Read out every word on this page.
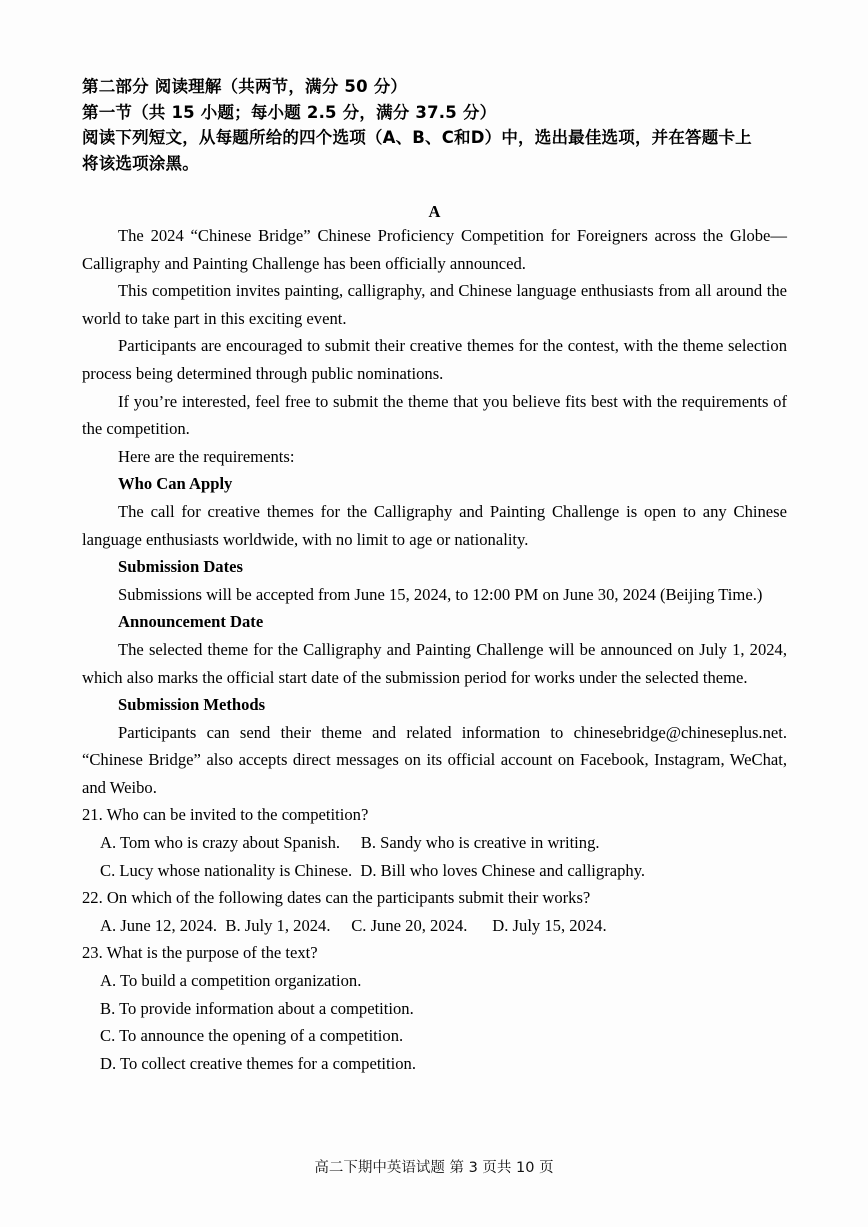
第二部分 阅读理解（共两节，满分 50 分）
第一节（共 15 小题；每小题 2.5 分，满分 37.5 分）
阅读下列短文，从每题所给的四个选项（A、B、C和D）中，选出最佳选项，并在答题卡上
将该选项涂黑。
A

The 2024 “Chinese Bridge” Chinese Proficiency Competition for Foreigners across the Globe—Calligraphy and Painting Challenge has been officially announced.

This competition invites painting, calligraphy, and Chinese language enthusiasts from all around the world to take part in this exciting event.

Participants are encouraged to submit their creative themes for the contest, with the theme selection process being determined through public nominations.

If you’re interested, feel free to submit the theme that you believe fits best with the requirements of the competition.

Here are the requirements:

Who Can Apply

The call for creative themes for the Calligraphy and Painting Challenge is open to any Chinese language enthusiasts worldwide, with no limit to age or nationality.

Submission Dates

Submissions will be accepted from June 15, 2024, to 12:00 PM on June 30, 2024 (Beijing Time.)

Announcement Date

The selected theme for the Calligraphy and Painting Challenge will be announced on July 1, 2024, which also marks the official start date of the submission period for works under the selected theme.

Submission Methods

Participants can send their theme and related information to chinesebridge@chineseplus.net. “Chinese Bridge” also accepts direct messages on its official account on Facebook, Instagram, WeChat, and Weibo.

21. Who can be invited to the competition?

A. Tom who is crazy about Spanish. B. Sandy who is creative in writing.

C. Lucy whose nationality is Chinese. D. Bill who loves Chinese and calligraphy.

22. On which of the following dates can the participants submit their works?

A. June 12, 2024. B. July 1, 2024. C. June 20, 2024. D. July 15, 2024.

23. What is the purpose of the text?

A. To build a competition organization.

B. To provide information about a competition.

C. To announce the opening of a competition.

D. To collect creative themes for a competition.

高二下期中英语试题 第 3 页共 10 页
